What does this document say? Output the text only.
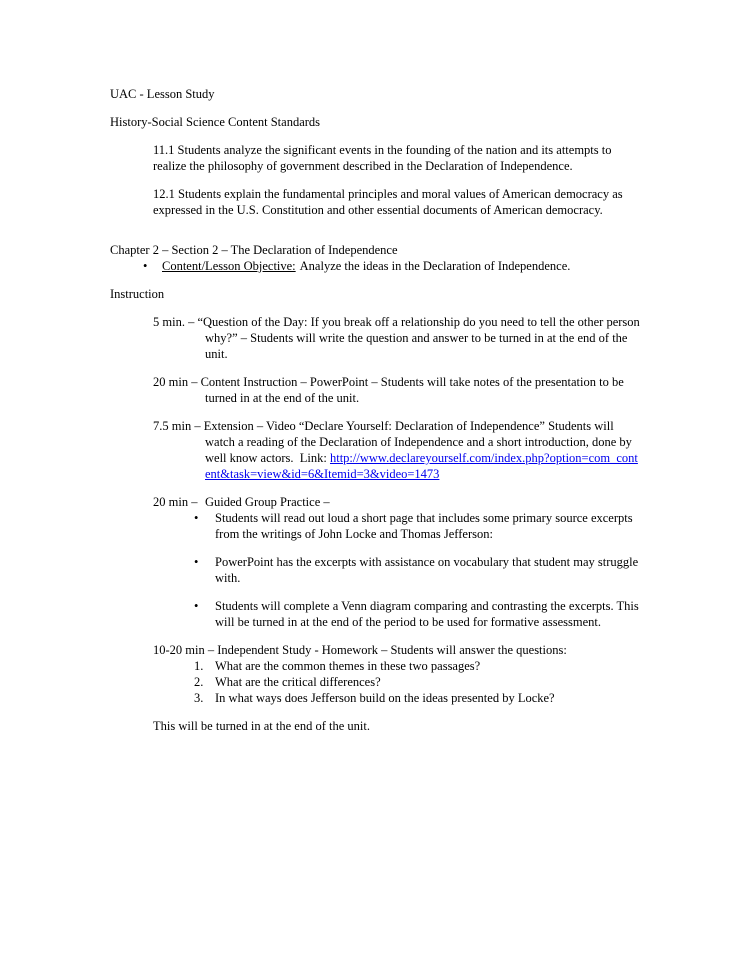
UAC - Lesson Study

History-Social Science Content Standards

11.1 Students analyze the significant events in the founding of the nation and its attempts to realize the philosophy of government described in the Declaration of Independence.

12.1 Students explain the fundamental principles and moral values of American democracy as expressed in the U.S. Constitution and other essential documents of American democracy.

Chapter 2 – Section 2 – The Declaration of Independence

•	Content/Lesson Objective: Analyze the ideas in the Declaration of Independence.

Instruction

5 min. – “Question of the Day: If you break off a relationship do you need to tell the other person why?” – Students will write the question and answer to be turned in at the end of the unit.

20 min – Content Instruction – PowerPoint – Students will take notes of the presentation to be turned in at the end of the unit.

7.5 min – Extension – Video “Declare Yourself: Declaration of Independence” Students will watch a reading of the Declaration of Independence and a short introduction, done by well know actors.  Link: http://www.declareyourself.com/index.php?option=com_content&task=view&id=6&Itemid=3&video=1473

20 min – Guided Group Practice –

•	Students will read out loud a short page that includes some primary source excerpts from the writings of John Locke and Thomas Jefferson:
•	PowerPoint has the excerpts with assistance on vocabulary that student may struggle with.
•	Students will complete a Venn diagram comparing and contrasting the excerpts. This will be turned in at the end of the period to be used for formative assessment.

10-20 min – Independent Study - Homework – Students will answer the questions:

1. What are the common themes in these two passages?
2. What are the critical differences?
3. In what ways does Jefferson build on the ideas presented by Locke?

This will be turned in at the end of the unit.
